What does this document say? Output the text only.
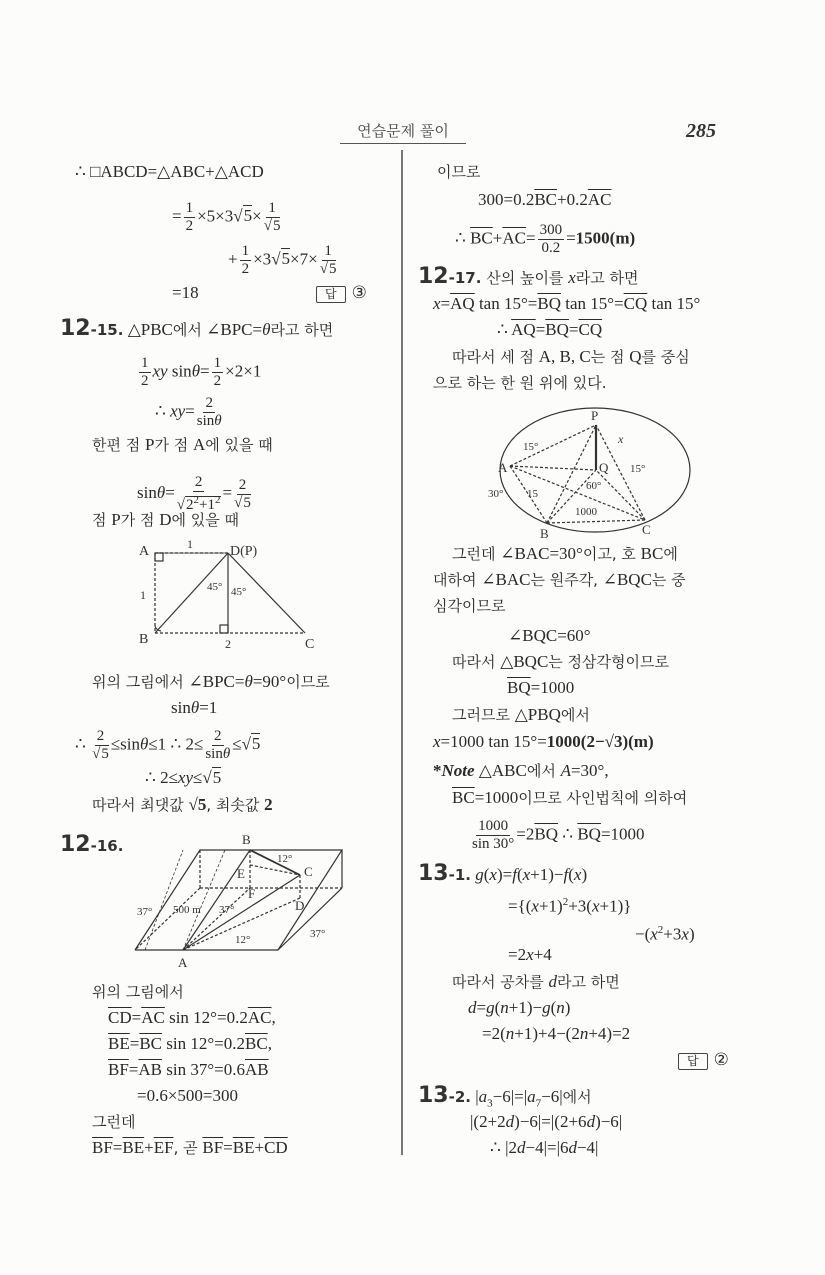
연습문제 풀이	285
∴ □ABCD=△ABC+△ACD
= $\frac{1}{2} \times 5\times 3√5\times \frac{1}{√5}$
+ $\frac{1}{2} \times 3√5\times 7\times \frac{1}{√5}$
=18	답 ③
12-15. △PBC에서 ∠BPC=θ라고 하면
$\frac{1}{2}$ xy $\sin\theta= \frac{1}{2} \times 2\times 1$
∴ $xy= \frac{2}{\sin\theta}$
한편 점 P가 점 A에 있을 때
$\sin\theta= \frac{2}{√2^2+1^2} = \frac{2}{√5}$
점 P가 점 D에 있을 때
A	D(P)
B	C
1
1
2
45° 45°
위의 그림에서 ∠BPC=θ=90°이므로
sinθ=1
∴ $\frac{2}{√5} \le\sin\theta\le 1$ ∴ $2\le \frac{2}{\sin\theta} \le√5$
∴ 2≤xy≤√5
따라서 최댓값 √5, 최솟값 2
12-16.	B
C
D
E
F
A
500 m
37°	37°
37°
12°
12°
위의 그림에서
$\overline{CD}=\overline{AC}$ $\sin 12^\circ=0.2\overline{AC}$,
$\overline{BE}=\overline{BC}$ $\sin 12^\circ=0.2\overline{BC}$,
$\overline{BF}=\overline{AB}$ $\sin 37^\circ=0.6\overline{AB}$
=0.6×500=300
그런데
$\overline{BF}=\overline{BE}+\overline{EF}$, 곧 $\overline{BF}=\overline{BE}+\overline{CD}$
이므로
$300=0.2\overline{BC}+0.2\overline{AC}$
∴ $\overline{BC}+\overline{AC}= \frac{300}{0.2} =1500(m)$
12-17. 산의 높이를 x라고 하면
$x=\overline{AQ}$ $\tan 15^\circ=\overline{BQ}$ $\tan 15^\circ=\overline{CQ}$ tan 15°
∴ $\overline{AQ}=\overline{BQ}=\overline{CQ}$
따라서 세 점 A, B, C는 점 Q를 중심
으로 하는 한 원 위에 있다.
P
Q
A
B	C
x
15°
15°
15
30°
60°
1000
그런데 ∠BAC=30°이고, 호 BC에
대하여 ∠BAC는 원주각, ∠BQC는 중
심각이므로
∠BQC=60°
따라서 △BQC는 정삼각형이므로
$\overline{BQ}=1000$
그러므로 △PBQ에서
x=1000 tan 15°=1000(2−√3)(m)
*Note △ABC에서 A=30°,
$\overline{BC}=1000$이므로 사인법칙에 의하여
$\frac{1000}{\sin 30^\circ} =2\overline{BQ}$ ∴ $\overline{BQ}=1000$
13-1. g(x)=f(x+1)−f(x)
$=\{(x+1)^2+3(x+1)\}$
$-(x^2+3x)$
=2x+4
따라서 공차를 d라고 하면
d=g(n+1)−g(n)
=2(n+1)+4−(2n+4)=2
답 ②
13-2. $|a_3-6|=|a_7-6|$에서
|(2+2d)−6|=|(2+6d)−6|
∴ |2d−4|=|6d−4|
